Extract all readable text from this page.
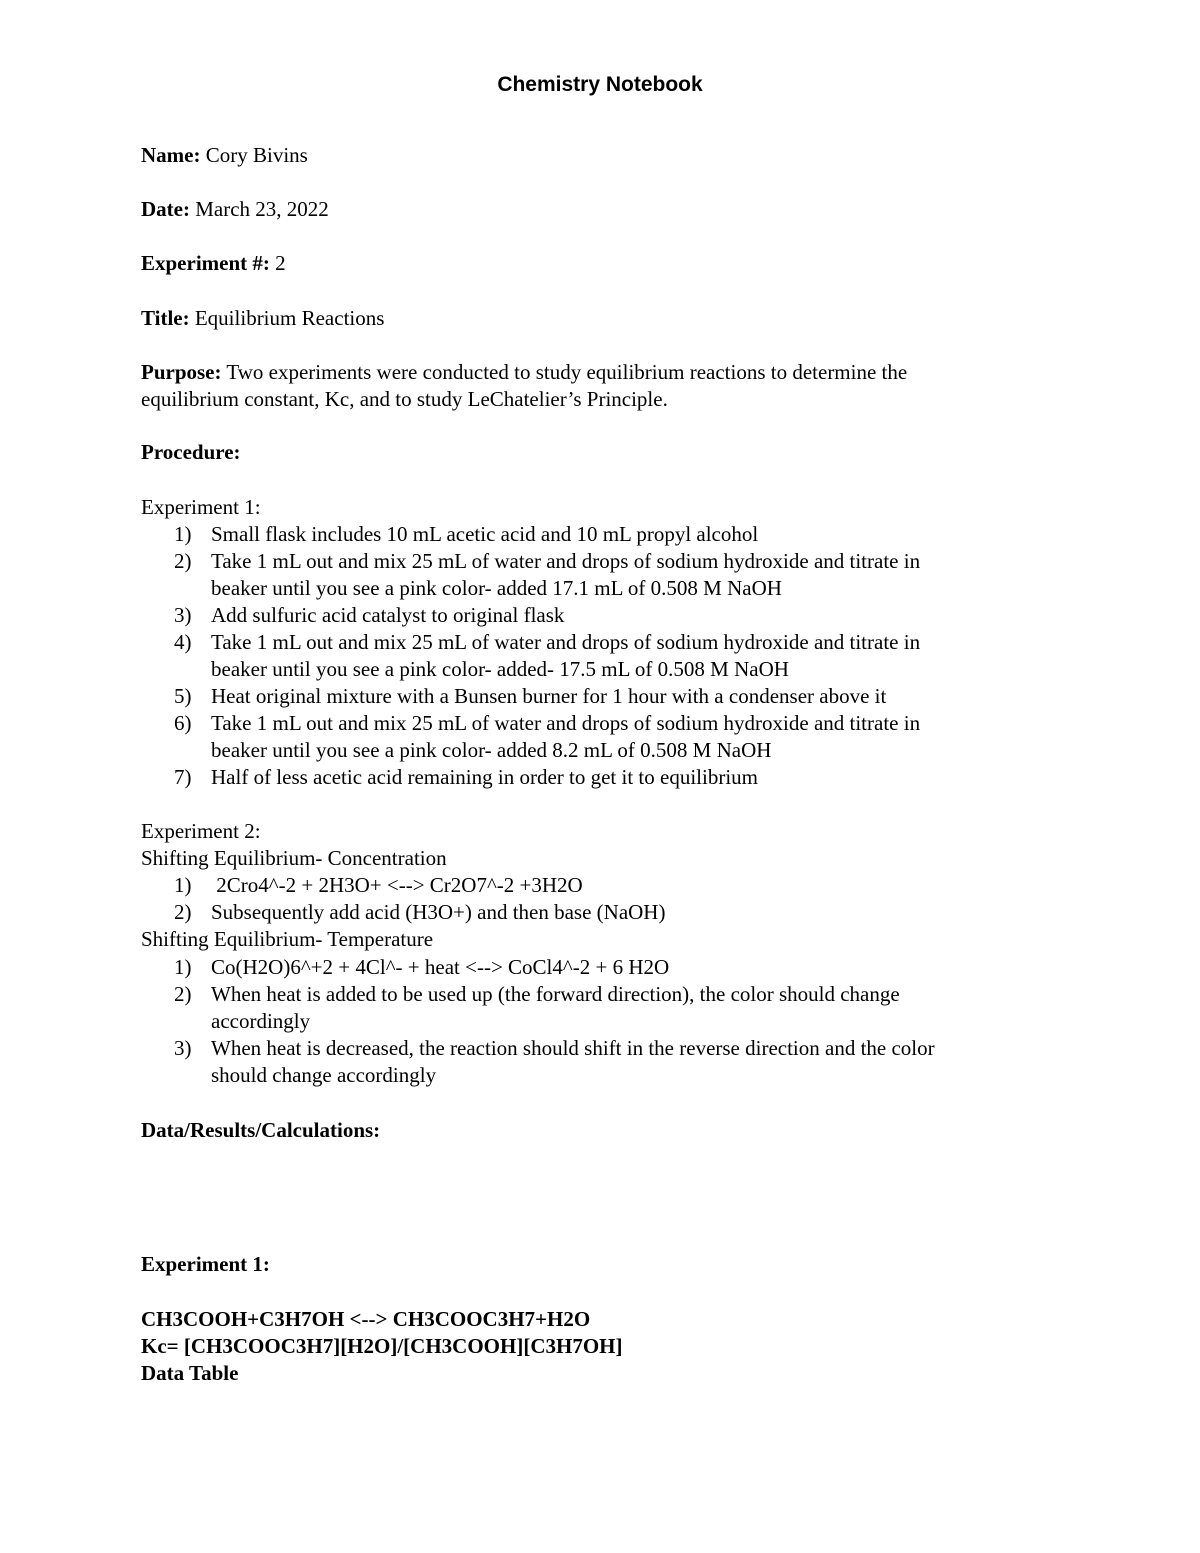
Chemistry Notebook
Name: Cory Bivins
Date: March 23, 2022
Experiment #: 2
Title: Equilibrium Reactions
Purpose: Two experiments were conducted to study equilibrium reactions to determine the
equilibrium constant, Kc, and to study LeChatelier’s Principle.
Procedure:
Experiment 1:
1) Small flask includes 10 mL acetic acid and 10 mL propyl alcohol
2) Take 1 mL out and mix 25 mL of water and drops of sodium hydroxide and titrate in
beaker until you see a pink color- added 17.1 mL of 0.508 M NaOH
3) Add sulfuric acid catalyst to original flask
4) Take 1 mL out and mix 25 mL of water and drops of sodium hydroxide and titrate in
beaker until you see a pink color- added- 17.5 mL of 0.508 M NaOH
5) Heat original mixture with a Bunsen burner for 1 hour with a condenser above it
6) Take 1 mL out and mix 25 mL of water and drops of sodium hydroxide and titrate in
beaker until you see a pink color- added 8.2 mL of 0.508 M NaOH
7) Half of less acetic acid remaining in order to get it to equilibrium
Experiment 2:
Shifting Equilibrium- Concentration
1) 2Cro4^-2 + 2H3O+ <--> Cr2O7^-2 +3H2O
2) Subsequently add acid (H3O+) and then base (NaOH)
Shifting Equilibrium- Temperature
1) Co(H2O)6^+2 + 4Cl^- + heat <--> CoCl4^-2 + 6 H2O
2) When heat is added to be used up (the forward direction), the color should change
accordingly
3) When heat is decreased, the reaction should shift in the reverse direction and the color
should change accordingly
Data/Results/Calculations:
Experiment 1:
CH3COOH+C3H7OH <--> CH3COOC3H7+H2O
Kc= [CH3COOC3H7][H2O]/[CH3COOH][C3H7OH]
Data Table
